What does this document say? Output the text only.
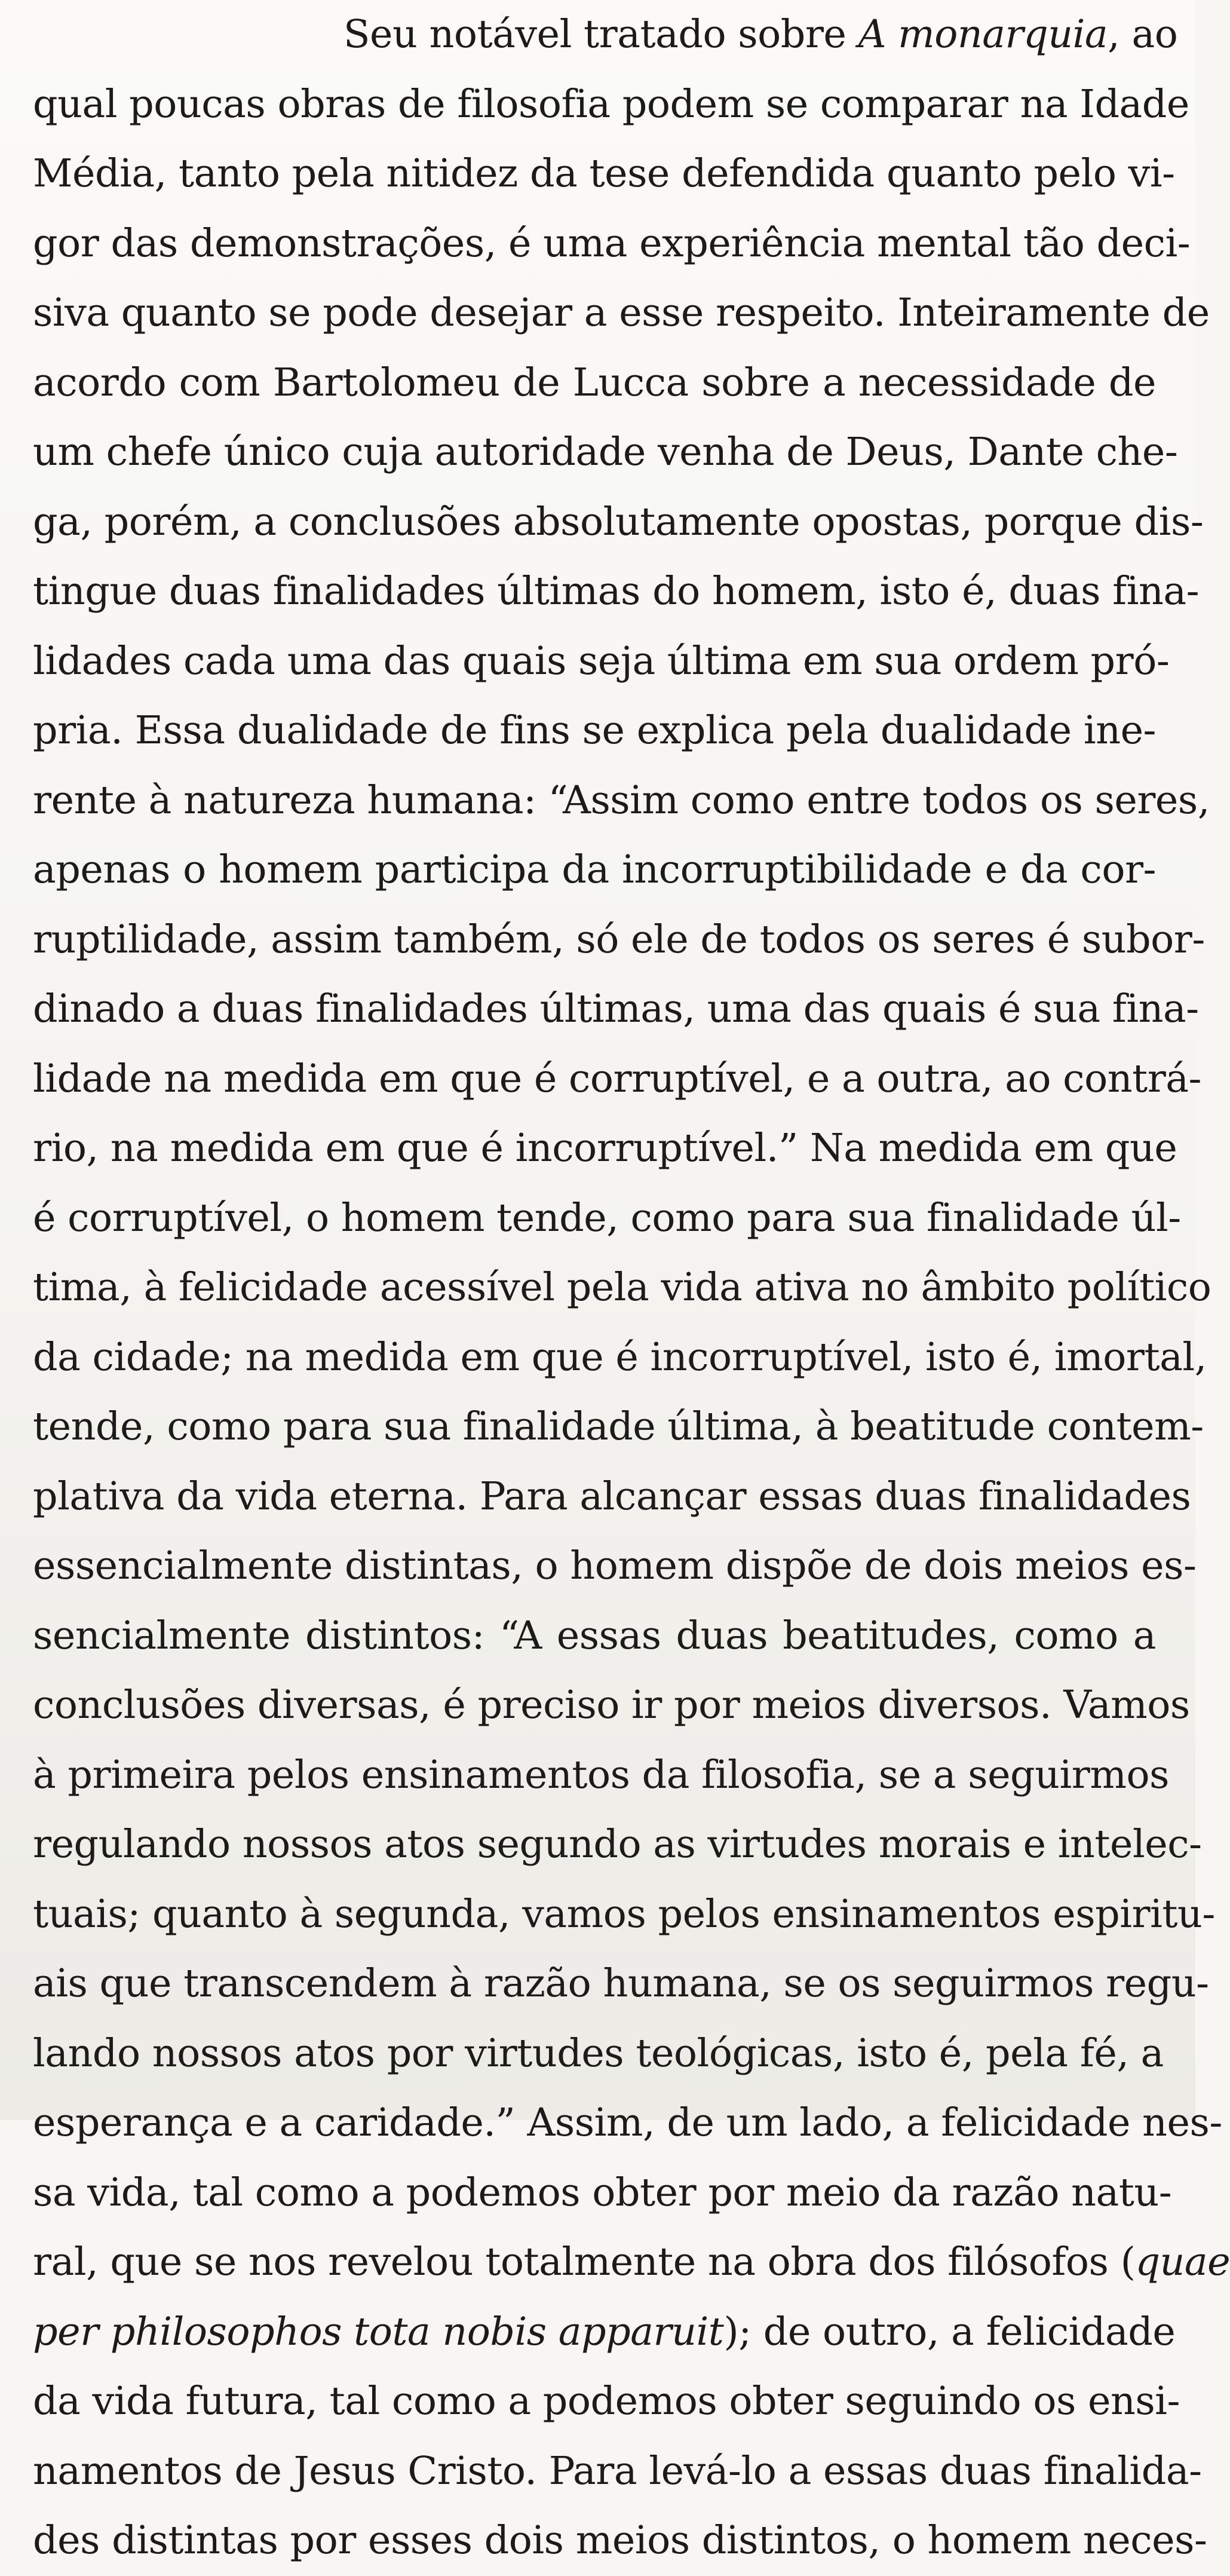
Seu notável tratado sobre A monarquia, ao
qual poucas obras de filosofia podem se comparar na Idade
Média, tanto pela nitidez da tese defendida quanto pelo vi-
gor das demonstrações, é uma experiência mental tão deci-
siva quanto se pode desejar a esse respeito. Inteiramente de
acordo com Bartolomeu de Lucca sobre a necessidade de
um chefe único cuja autoridade venha de Deus, Dante che-
ga, porém, a conclusões absolutamente opostas, porque dis-
tingue duas finalidades últimas do homem, isto é, duas fina-
lidades cada uma das quais seja última em sua ordem pró-
pria. Essa dualidade de fins se explica pela dualidade ine-
rente à natureza humana: “Assim como entre todos os seres,
apenas o homem participa da incorruptibilidade e da cor-
ruptilidade, assim também, só ele de todos os seres é subor-
dinado a duas finalidades últimas, uma das quais é sua fina-
lidade na medida em que é corruptível, e a outra, ao contrá-
rio, na medida em que é incorruptível.” Na medida em que
é corruptível, o homem tende, como para sua finalidade úl-
tima, à felicidade acessível pela vida ativa no âmbito político
da cidade; na medida em que é incorruptível, isto é, imortal,
tende, como para sua finalidade última, à beatitude contem-
plativa da vida eterna. Para alcançar essas duas finalidades
essencialmente distintas, o homem dispõe de dois meios es-
sencialmente distintos: “A essas duas beatitudes, como a
conclusões diversas, é preciso ir por meios diversos. Vamos
à primeira pelos ensinamentos da filosofia, se a seguirmos
regulando nossos atos segundo as virtudes morais e intelec-
tuais; quanto à segunda, vamos pelos ensinamentos espiritu-
ais que transcendem à razão humana, se os seguirmos regu-
lando nossos atos por virtudes teológicas, isto é, pela fé, a
esperança e a caridade.” Assim, de um lado, a felicidade nes-
sa vida, tal como a podemos obter por meio da razão natu-
ral, que se nos revelou totalmente na obra dos filósofos (quae
per philosophos tota nobis apparuit); de outro, a felicidade
da vida futura, tal como a podemos obter seguindo os ensi-
namentos de Jesus Cristo. Para levá-lo a essas duas finalida-
des distintas por esses dois meios distintos, o homem neces-
